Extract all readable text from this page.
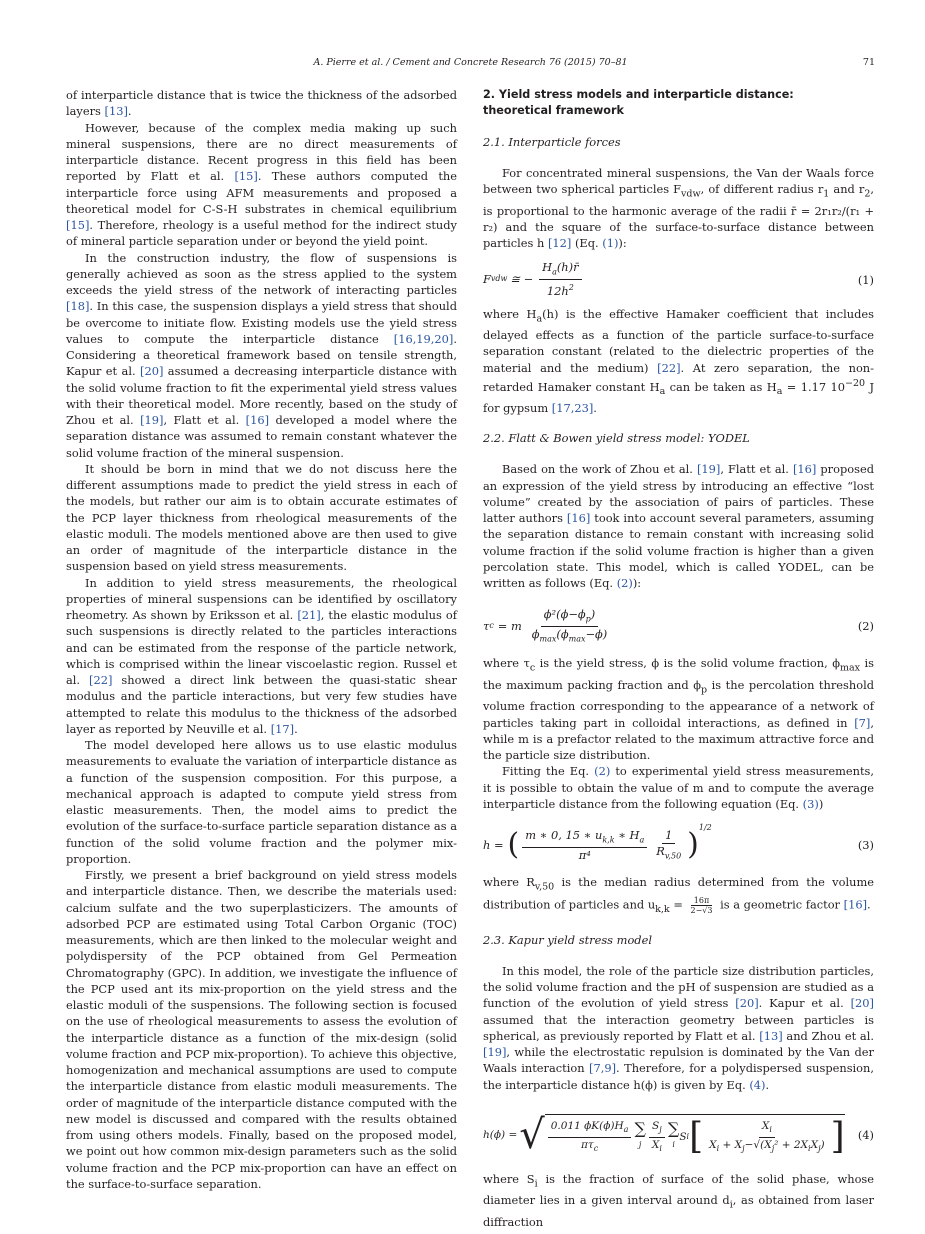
A. Pierre et al. / Cement and Concrete Research 76 (2015) 70–81	71

of interparticle distance that is twice the thickness of the adsorbed layers [13].

However, because of the complex media making up such mineral suspensions, there are no direct measurements of interparticle distance. Recent progress in this field has been reported by Flatt et al. [15]. These authors computed the interparticle force using AFM measurements and proposed a theoretical model for C-S-H substrates in chemical equilibrium [15]. Therefore, rheology is a useful method for the indirect study of mineral particle separation under or beyond the yield point.

In the construction industry, the flow of suspensions is generally achieved as soon as the stress applied to the system exceeds the yield stress of the network of interacting particles [18]. In this case, the suspension displays a yield stress that should be overcome to initiate flow. Existing models use the yield stress values to compute the interparticle distance [16,19,20]. Considering a theoretical framework based on tensile strength, Kapur et al. [20] assumed a decreasing interparticle distance with the solid volume fraction to fit the experimental yield stress values with their theoretical model. More recently, based on the study of Zhou et al. [19], Flatt et al. [16] developed a model where the separation distance was assumed to remain constant whatever the solid volume fraction of the mineral suspension.

It should be born in mind that we do not discuss here the different assumptions made to predict the yield stress in each of the models, but rather our aim is to obtain accurate estimates of the PCP layer thickness from rheological measurements of the elastic moduli. The models mentioned above are then used to give an order of magnitude of the interparticle distance in the suspension based on yield stress measurements.

In addition to yield stress measurements, the rheological properties of mineral suspensions can be identified by oscillatory rheometry. As shown by Eriksson et al. [21], the elastic modulus of such suspensions is directly related to the particles interactions and can be estimated from the response of the particle network, which is comprised within the linear viscoelastic region. Russel et al. [22] showed a direct link between the quasi-static shear modulus and the particle interactions, but very few studies have attempted to relate this modulus to the thickness of the adsorbed layer as reported by Neuville et al. [17].

The model developed here allows us to use elastic modulus measurements to evaluate the variation of interparticle distance as a function of the suspension composition. For this purpose, a mechanical approach is adapted to compute yield stress from elastic measurements. Then, the model aims to predict the evolution of the surface-to-surface particle separation distance as a function of the solid volume fraction and the polymer mix-proportion.

Firstly, we present a brief background on yield stress models and interparticle distance. Then, we describe the materials used: calcium sulfate and the two superplasticizers. The amounts of adsorbed PCP are estimated using Total Carbon Organic (TOC) measurements, which are then linked to the molecular weight and polydispersity of the PCP obtained from Gel Permeation Chromatography (GPC). In addition, we investigate the influence of the PCP used ant its mix-proportion on the yield stress and the elastic moduli of the suspensions. The following section is focused on the use of rheological measurements to assess the evolution of the interparticle distance as a function of the mix-design (solid volume fraction and PCP mix-proportion). To achieve this objective, homogenization and mechanical assumptions are used to compute the interparticle distance from elastic moduli measurements. The order of magnitude of the interparticle distance computed with the new model is discussed and compared with the results obtained from using others models. Finally, based on the proposed model, we point out how common mix-design parameters such as the solid volume fraction and the PCP mix-proportion can have an effect on the surface-to-surface separation.

2. Yield stress models and interparticle distance:
theoretical framework
2.1. Interparticle forces

For concentrated mineral suspensions, the Van der Waals force between two spherical particles $F_{vdw}$, of different radius $r_1$ and $r_2$, is proportional to the harmonic average of the radii r̄ = 2r₁r₂/(r₁ + r₂) and the square of the surface-to-surface distance between particles h [12] (Eq. (1)):

F vdw ≅ − $\frac{H_a(h)r̄}{12h^2}$	(1)

where $H_a(h)$ is the effective Hamaker coefficient that includes delayed effects as a function of the particle surface-to-surface separation constant (related to the dielectric properties of the material and the medium) [22]. At zero separation, the non-retarded Hamaker constant $H_a$ can be taken as $H_a = 1.17$ $10^{-20}$ J for gypsum [17,23].

2.2. Flatt & Bowen yield stress model: YODEL

Based on the work of Zhou et al. [19], Flatt et al. [16] proposed an expression of the yield stress by introducing an effective “lost volume” created by the association of pairs of particles. These latter authors [16] took into account several parameters, assuming the separation distance to remain constant with increasing solid volume fraction if the solid volume fraction is higher than a given percolation state. This model, which is called YODEL, can be written as follows (Eq. (2)):

τ c = m $\frac{\phi^2(\phi-\phi_p)}{\phi_{max}(\phi_{max}-\phi)}$	(2)

where $\tau_c$ is the yield stress, ϕ is the solid volume fraction, $\phi_{max}$ is the maximum packing fraction and $\phi_p$ is the percolation threshold volume fraction corresponding to the appearance of a network of particles taking part in colloidal interactions, as defined in [7], while m is a prefactor related to the maximum attractive force and the particle size distribution.

Fitting the Eq. (2) to experimental yield stress measurements, it is possible to obtain the value of m and to compute the average interparticle distance from the following equation (Eq. (3))

h = ( $\frac{m ∗ 0, 15 ∗ u_{k,k} ∗ H_a}{\text{π⁴}} \frac{1}{R_{v,50}} )^{1/2}$
(3)

where $R_{v,50}$ is the median radius determined from the volume distribution of particles and $u_{k,k} = \frac{16\pi}{2-√3}$ is a geometric factor [16].

2.3. Kapur yield stress model

In this model, the role of the particle size distribution particles, the solid volume fraction and the pH of suspension are studied as a function of the evolution of yield stress [20]. Kapur et al. [20] assumed that the interaction geometry between particles is spherical, as previously reported by Flatt et al. [13] and Zhou et al. [19], while the electrostatic repulsion is dominated by the Van der Waals interaction [7,9]. Therefore, for a polydispersed suspension, the interparticle distance h(ϕ) is given by Eq. (4).

h(ϕ) = √ $\frac{0.011 \phi K(\phi)H_a}{\pi\tau_c}$ ∑
j $\frac{S_j}{X_i}$ ∑
i
S i [ $\frac{X_i}{X_i + X_j-√(X_j^2 + 2X_iX_j)}$ ] (4)

where $S_i$ is the fraction of surface of the solid phase, whose diameter lies in a given interval around $d_i$, as obtained from laser diffraction
